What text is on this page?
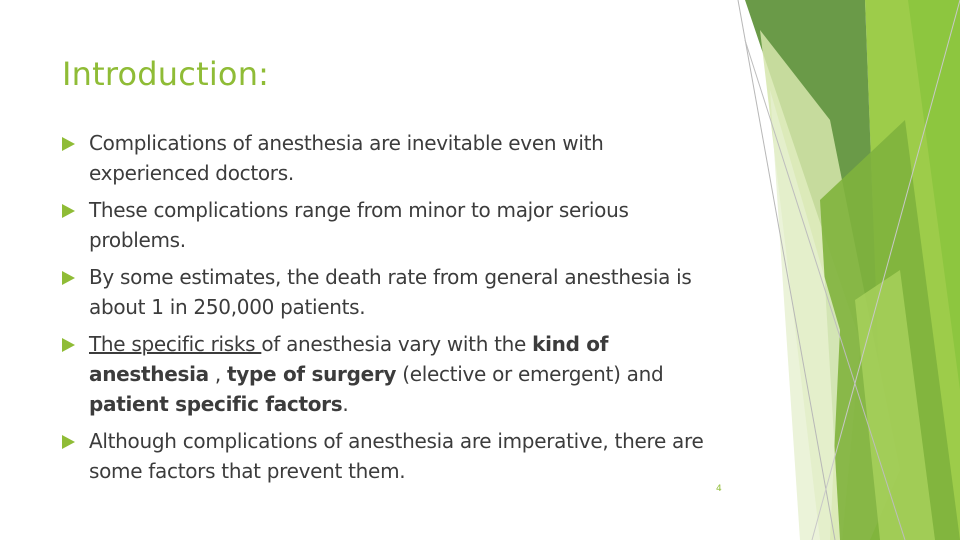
Introduction:
Complications of anesthesia are inevitable even with experienced doctors.
These complications range from minor to major serious problems.
By some estimates, the death rate from general anesthesia is about 1 in 250,000 patients.
The specific risks of anesthesia vary with the kind of anesthesia , type of surgery (elective or emergent) and patient specific factors.
Although complications of anesthesia are imperative, there are some factors that prevent them.
4
